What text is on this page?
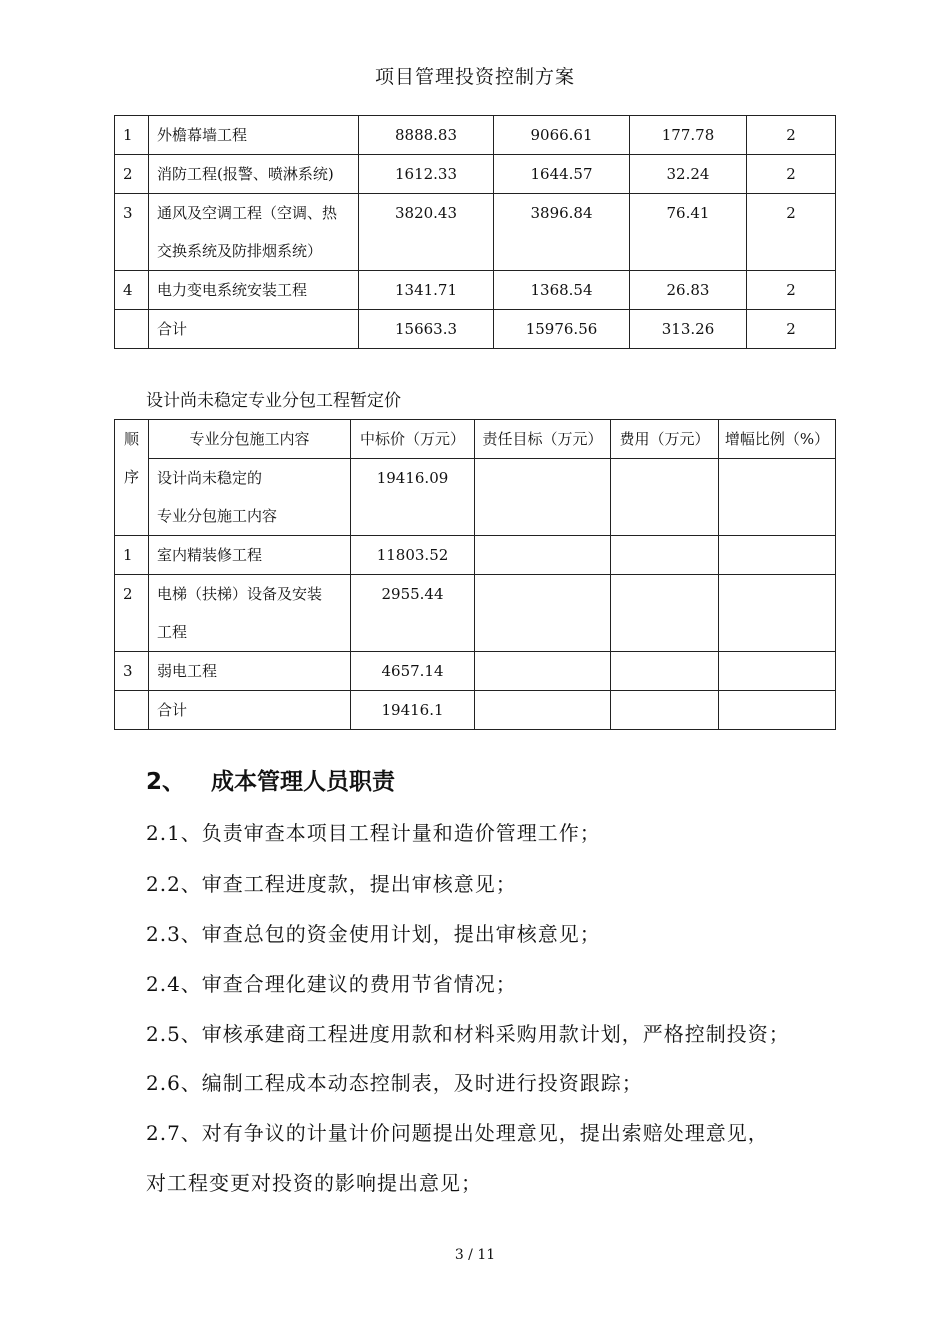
项目管理投资控制方案
1	外檐幕墙工程	8888.83	9066.61	177.78	2

2	消防工程(报警、喷淋系统)	1612.33	1644.57	32.24	2

3	通风及空调工程（空调、热
交换系统及防排烟系统）	3820.43	3896.84	76.41	2

4	电力变电系统安装工程	1341.71	1368.54	26.83	2

	合计	15663.3	15976.56	313.26	2
设计尚未稳定专业分包工程暂定价
顺
序	专业分包施工内容	中标价（万元）	责任目标（万元）	费用（万元）	增幅比例（%）

	设计尚未稳定的
专业分包施工内容	19416.09			

1	室内精装修工程	11803.52			

2	电梯（扶梯）设备及安装
工程	2955.44			

3	弱电工程	4657.14			

	合计	19416.1			

2、 成本管理人员职责
2.1、负责审查本项目工程计量和造价管理工作；
2.2、审查工程进度款，提出审核意见；
2.3、审查总包的资金使用计划，提出审核意见；
2.4、审查合理化建议的费用节省情况；
2.5、审核承建商工程进度用款和材料采购用款计划，严格控制投资；
2.6、编制工程成本动态控制表，及时进行投资跟踪；
2.7、对有争议的计量计价问题提出处理意见，提出索赔处理意见，
对工程变更对投资的影响提出意见；
3 / 11
